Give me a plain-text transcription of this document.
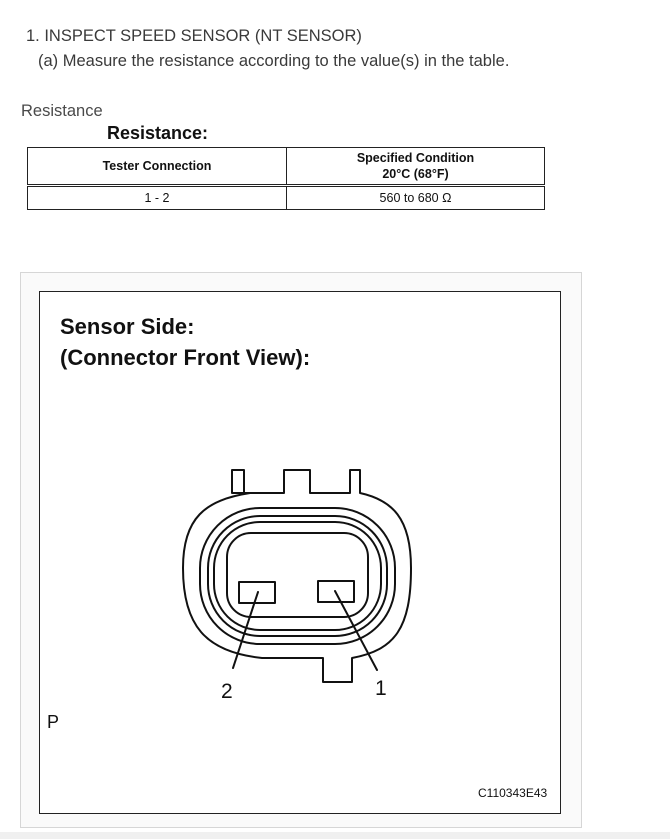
1. INSPECT SPEED SENSOR (NT SENSOR)
(a) Measure the resistance according to the value(s) in the table.
Resistance
Resistance:
Tester Connection	Specified Condition
20°C (68°F)
1 - 2	560 to 680 Ω
Sensor Side:
(Connector Front View):
2	1
P
C110343E43
